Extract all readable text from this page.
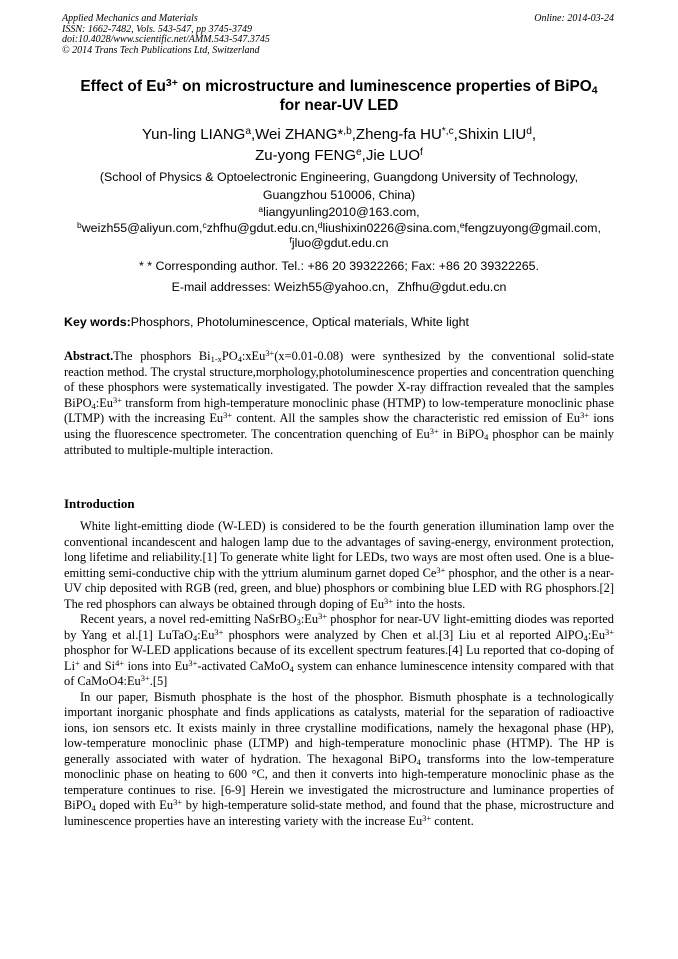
Applied Mechanics and Materials
ISSN: 1662-7482, Vols. 543-547, pp 3745-3749
doi:10.4028/www.scientific.net/AMM.543-547.3745
© 2014 Trans Tech Publications Ltd, Switzerland
Online: 2014-03-24
Effect of $Eu^{3+}$ on microstructure and luminescence properties of BiPO$_4$
for near-UV LED
Yun-ling LIANG$^a$,Wei ZHANG*$^{,b}$,Zheng-fa $HU^{*,c},Shixin$ LIU$^d$,
Zu-yong FENG$^e$,Jie LUO$^f$
(School of Physics & Optoelectronic Engineering, Guangdong University of Technology,
Guangzhou 510006, China)
$^a$liangyunling2010@163.com,
$^b$weizh55@aliyun.com,$^c$zhfhu@gdut.edu.cn,$^d$liushixin0226@sina.com,$^e$fengzuyong@gmail.com,
$^f$jluo@gdut.edu.cn
* * Corresponding author. Tel.: +86 20 39322266; Fax: +86 20 39322265.
E-mail addresses: Weizh55@yahoo.cn，Zhfhu@gdut.edu.cn
Key words:Phosphors, Photoluminescence, Optical materials, White light
Abstract.The phosphors $Bi_{1-x}PO_4:xEu^{3+}(x=0.01-0.08)$ were synthesized by the conventional solid-state reaction method. The crystal structure,morphology,photoluminescence properties and concentration quenching of these phosphors were systematically investigated. The powder X-ray diffraction revealed that the samples $BiPO_4:Eu^{3+}$ transform from high-temperature monoclinic phase (HTMP) to low-temperature monoclinic phase (LTMP) with the increasing $Eu^{3+}$ content. All the samples show the characteristic red emission of $Eu^{3+}$ ions using the fluorescence spectrometer. The concentration quenching of $Eu^{3+}$ in BiPO$_4$ phosphor can be mainly attributed to multiple-multiple interaction.
Introduction

White light-emitting diode (W-LED) is considered to be the fourth generation illumination lamp over the conventional incandescent and halogen lamp due to the advantages of saving-energy, environment protection, long lifetime and reliability.[1] To generate white light for LEDs, two ways are most often used. One is a blue-emitting semi-conductive chip with the yttrium aluminum garnet doped $Ce^{3+}$ phosphor, and the other is a near-UV chip deposited with RGB (red, green, and blue) phosphors or combining blue LED with RG phosphors.[2] The red phosphors can always be obtained through doping of $Eu^{3+}$ into the hosts.

Recent years, a novel red-emitting $NaSrBO_3:Eu^{3+}$ phosphor for near-UV light-emitting diodes was reported by Yang et al.[1] $LuTaO_4:Eu^{3+}$ phosphors were analyzed by Chen et al.[3] Liu et al reported $AlPO_4:Eu^{3+}$ phosphor for W-LED applications because of its excellent spectrum features.[4] Lu reported that co-doping of Li+ and $Si^{4+}$ ions into $Eu^{3+}$-activated CaMoO$_4$ system can enhance luminescence intensity compared with that of $CaMoO4:Eu^{3+}.[5]$

In our paper, Bismuth phosphate is the host of the phosphor. Bismuth phosphate is a technologically important inorganic phosphate and finds applications as catalysts, material for the separation of radioactive ions, ion sensors etc. It exists mainly in three crystalline modifications, namely the hexagonal phase (HP), low-temperature monoclinic phase (LTMP) and high-temperature monoclinic phase (HTMP). The HP is generally associated with water of hydration. The hexagonal BiPO$_4$ transforms into the low-temperature monoclinic phase on heating to 600 °C, and then it converts into high-temperature monoclinic phase as the temperature continues to rise. [6-9] Herein we investigated the microstructure and luminance properties of BiPO$_4$ doped with $Eu^{3+}$ by high-temperature solid-state method, and found that the phase, microstructure and luminescence properties have an interesting variety with the increase $Eu^{3+}$ content.
